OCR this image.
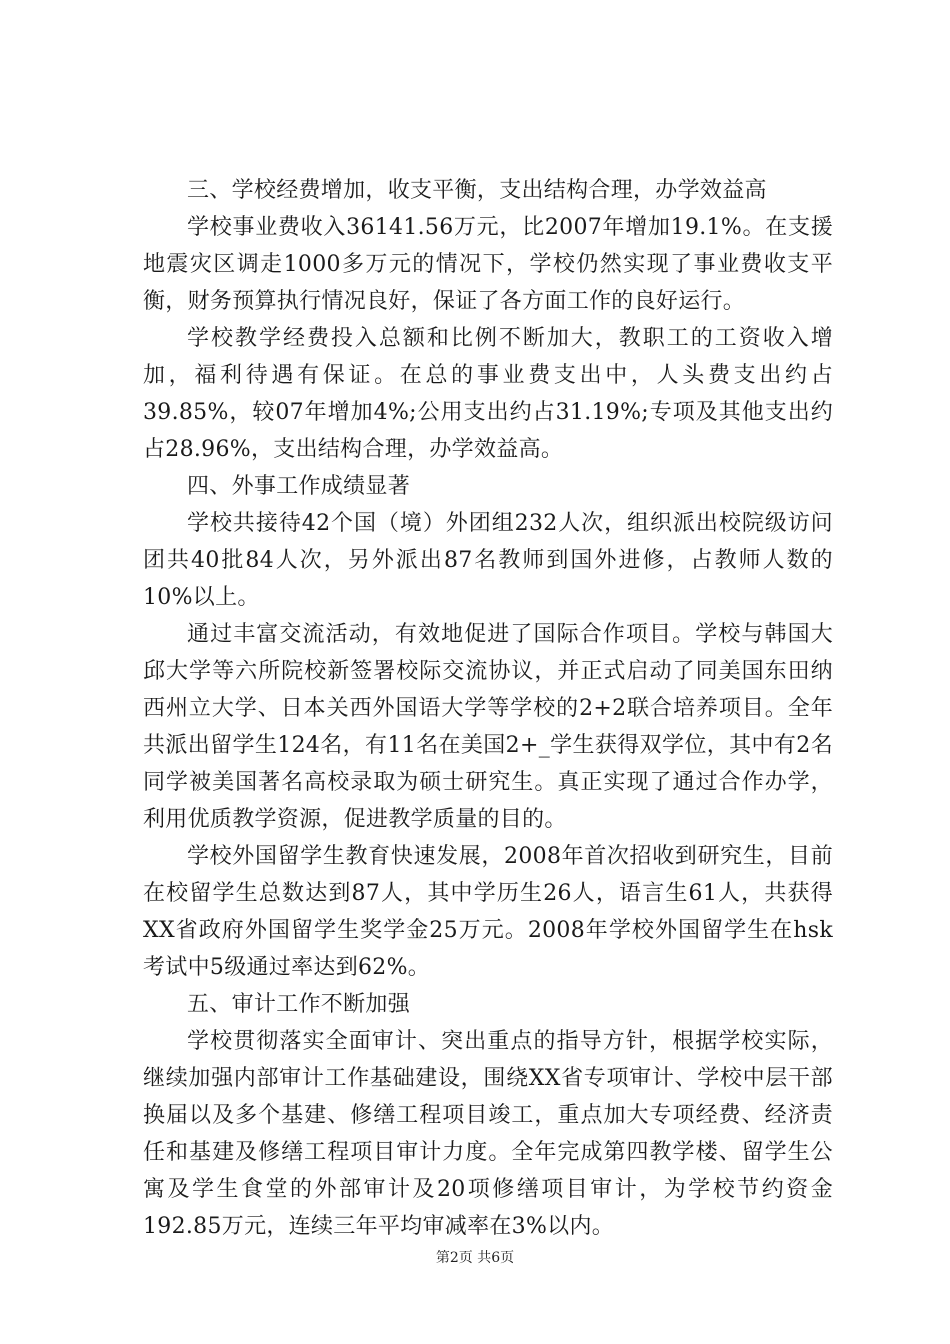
三、学校经费增加，收支平衡，支出结构合理，办学效益高

学校事业费收入36141.56万元，比2007年增加19.1%。在支援地震灾区调走1000多万元的情况下，学校仍然实现了事业费收支平衡，财务预算执行情况良好，保证了各方面工作的良好运行。

学校教学经费投入总额和比例不断加大，教职工的工资收入增加，福利待遇有保证。在总的事业费支出中，人头费支出约占39.85%，较07年增加4%;公用支出约占31.19%;专项及其他支出约占28.96%，支出结构合理，办学效益高。

四、外事工作成绩显著

学校共接待42个国（境）外团组232人次，组织派出校院级访问团共40批84人次，另外派出87名教师到国外进修，占教师人数的10%以上。

通过丰富交流活动，有效地促进了国际合作项目。学校与韩国大邱大学等六所院校新签署校际交流协议，并正式启动了同美国东田纳西州立大学、日本关西外国语大学等学校的2+2联合培养项目。全年共派出留学生124名，有11名在美国2+_学生获得双学位，其中有2名同学被美国著名高校录取为硕士研究生。真正实现了通过合作办学，利用优质教学资源，促进教学质量的目的。

学校外国留学生教育快速发展，2008年首次招收到研究生，目前在校留学生总数达到87人，其中学历生26人，语言生61人，共获得XX省政府外国留学生奖学金25万元。2008年学校外国留学生在hsk考试中5级通过率达到62%。

五、审计工作不断加强

学校贯彻落实全面审计、突出重点的指导方针，根据学校实际，继续加强内部审计工作基础建设，围绕XX省专项审计、学校中层干部换届以及多个基建、修缮工程项目竣工，重点加大专项经费、经济责任和基建及修缮工程项目审计力度。全年完成第四教学楼、留学生公寓及学生食堂的外部审计及20项修缮项目审计，为学校节约资金192.85万元，连续三年平均审减率在3%以内。

第2页 共6页
